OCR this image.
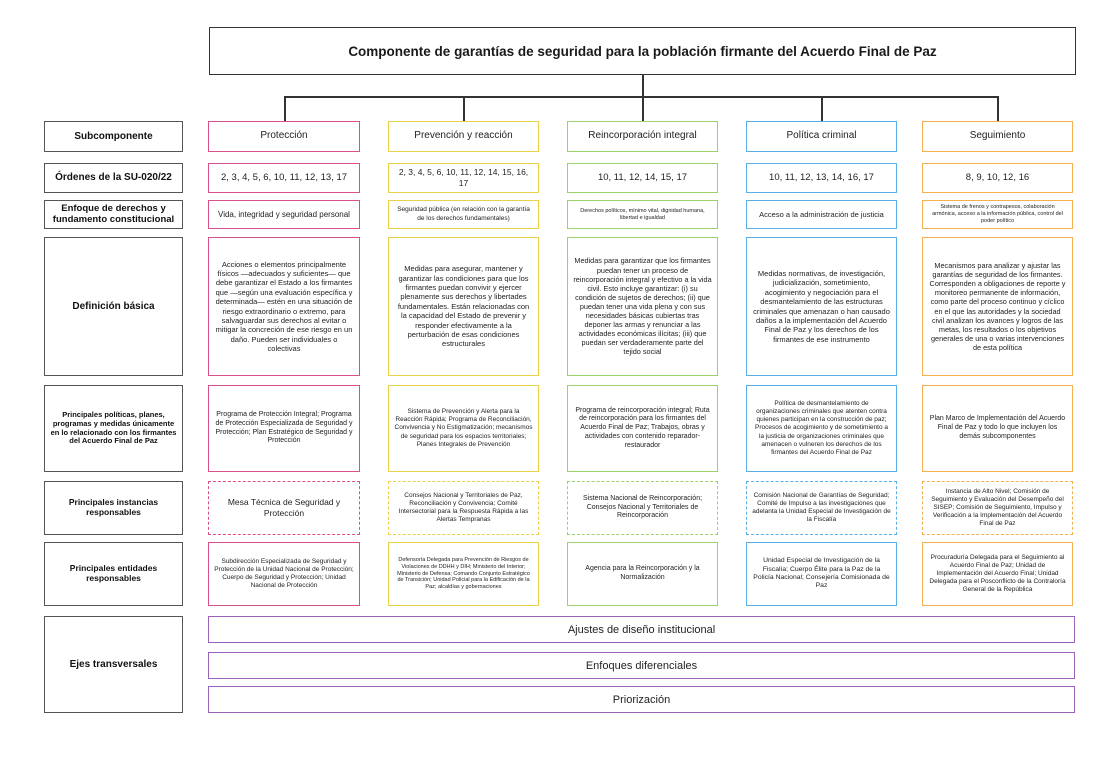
Componente de garantías de seguridad para la población firmante del Acuerdo Final de Paz
Subcomponente
Órdenes de la SU-020/22
Enfoque de derechos y fundamento constitucional
Definición básica
Principales políticas, planes, programas y medidas únicamente en lo relacionado con los firmantes del Acuerdo Final de Paz
Principales instancias responsables
Principales entidades responsables
Ejes transversales
Protección
2, 3, 4, 5, 6, 10, 11, 12, 13, 17
Vida, integridad y seguridad personal
Acciones o elementos principalmente físicos —adecuados y suficientes— que debe garantizar el Estado a los firmantes que —según una evaluación específica y determinada— estén en una situación de riesgo extraordinario o extremo, para salvaguardar sus derechos al evitar o mitigar la concreción de ese riesgo en un daño. Pueden ser individuales o colectivas
Programa de Protección Integral; Programa de Protección Especializada de Seguridad y Protección; Plan Estratégico de Seguridad y Protección
Mesa Técnica de Seguridad y Protección
Subdirección Especializada de Seguridad y Protección de la Unidad Nacional de Protección; Cuerpo de Seguridad y Protección; Unidad Nacional de Protección
Prevención y reacción
2, 3, 4, 5, 6, 10, 11, 12, 14, 15, 16, 17
Seguridad pública (en relación con la garantía de los derechos fundamentales)
Medidas para asegurar, mantener y garantizar las condiciones para que los firmantes puedan convivir y ejercer plenamente sus derechos y libertades fundamentales. Están relacionadas con la capacidad del Estado de prevenir y responder efectivamente a la perturbación de esas condiciones estructurales
Sistema de Prevención y Alerta para la Reacción Rápida; Programa de Reconciliación, Convivencia y No Estigmatización; mecanismos de seguridad para los espacios territoriales; Planes Integrales de Prevención
Consejos Nacional y Territoriales de Paz, Reconciliación y Convivencia; Comité Intersectorial para la Respuesta Rápida a las Alertas Tempranas
Defensoría Delegada para Prevención de Riesgos de Violaciones de DDHH y DIH; Ministerio del Interior; Ministerio de Defensa; Comando Conjunto Estratégico de Transición; Unidad Policial para la Edificación de la Paz; alcaldías y gobernaciones
Reincorporación integral
10, 11, 12, 14, 15, 17
Derechos políticos, mínimo vital, dignidad humana, libertad e igualdad
Medidas para garantizar que los firmantes puedan tener un proceso de reincorporación integral y efectivo a la vida civil. Esto incluye garantizar: (i) su condición de sujetos de derechos; (ii) que puedan tener una vida plena y con sus necesidades básicas cubiertas tras deponer las armas y renunciar a las actividades económicas ilícitas; (iii) que puedan ser verdaderamente parte del tejido social
Programa de reincorporación integral; Ruta de reincorporación para los firmantes del Acuerdo Final de Paz; Trabajos, obras y actividades con contenido reparador-restaurador
Sistema Nacional de Reincorporación; Consejos Nacional y Territoriales de Reincorporación
Agencia para la Reincorporación y la Normalización
Política criminal
10, 11, 12, 13, 14, 16, 17
Acceso a la administración de justicia
Medidas normativas, de investigación, judicialización, sometimiento, acogimiento y negociación para el desmantelamiento de las estructuras criminales que amenazan o han causado daños a la implementación del Acuerdo Final de Paz y los derechos de los firmantes de ese instrumento
Política de desmantelamiento de organizaciones criminales que atenten contra quienes participan en la construcción de paz; Procesos de acogimiento y de sometimiento a la justicia de organizaciones criminales que amenacen o vulneren los derechos de los firmantes del Acuerdo Final de Paz
Comisión Nacional de Garantías de Seguridad; Comité de Impulso a las investigaciones que adelanta la Unidad Especial de Investigación de la Fiscalía
Unidad Especial de Investigación de la Fiscalía; Cuerpo Élite para la Paz de la Policía Nacional; Consejería Comisionada de Paz
Seguimiento
8, 9, 10, 12, 16
Sistema de frenos y contrapesos, colaboración armónica, acceso a la información pública, control del poder político
Mecanismos para analizar y ajustar las garantías de seguridad de los firmantes. Corresponden a obligaciones de reporte y monitoreo permanente de información, como parte del proceso continuo y cíclico en el que las autoridades y la sociedad civil analizan los avances y logros de las metas, los resultados o los objetivos generales de una o varias intervenciones de esta política
Plan Marco de Implementación del Acuerdo Final de Paz y todo lo que incluyen los demás subcomponentes
Instancia de Alto Nivel; Comisión de Seguimiento y Evaluación del Desempeño del SISEP; Comisión de Seguimiento, Impulso y Verificación a la Implementación del Acuerdo Final de Paz
Procuraduría Delegada para el Seguimiento al Acuerdo Final de Paz; Unidad de Implementación del Acuerdo Final; Unidad Delegada para el Posconflicto de la Contraloría General de la República
Ajustes de diseño institucional
Enfoques diferenciales
Priorización
